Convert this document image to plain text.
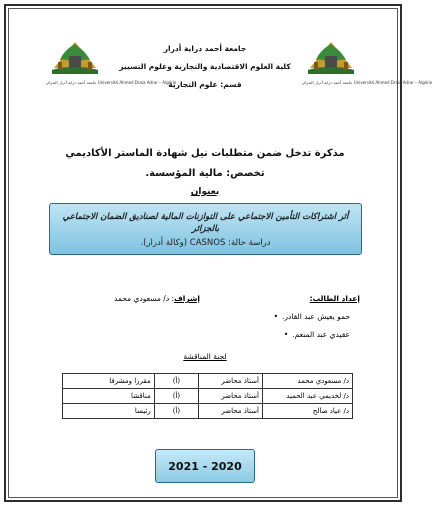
جامعة أحمد دراية أدرار الجزائر Université Ahmed Draia Adrar – Algérie	جامعة أحمد دراية أدرار الجزائر Université Ahmed Draia Adrar – Algérie
جامعة أحمد دراية أدرار
كلية العلوم الاقتصادية والتجارية وعلوم التسيير
قسم: علوم التجارية
مذكرة تدخل ضمن متطلبات نيل شهادة الماستر الأكاديمي
تخصص: مالية المؤسسة.
بعنوان
أثر اشتراكات التأمين الاجتماعي على التوازنات المالية لصناديق الضمان الاجتماعي بالجزائر
دراسة حالة: CASNOS (وكالة أدرار).
إعداد الطالب:
إشراف: د/ مسعودي محمد
حمو يعيش عبد القادر. •
عقيدي عبد المنعم. •
لجنة المناقشة
د/ مسعودي محمد	أستاذ محاضر	(أ)	مقررا ومشرفا
د/ لخديمي عبد الحميد	أستاذ محاضر	(أ)	مناقشا
د/ عياد صالح	أستاذ محاضر	(أ)	رئيسا
2021 - 2020
